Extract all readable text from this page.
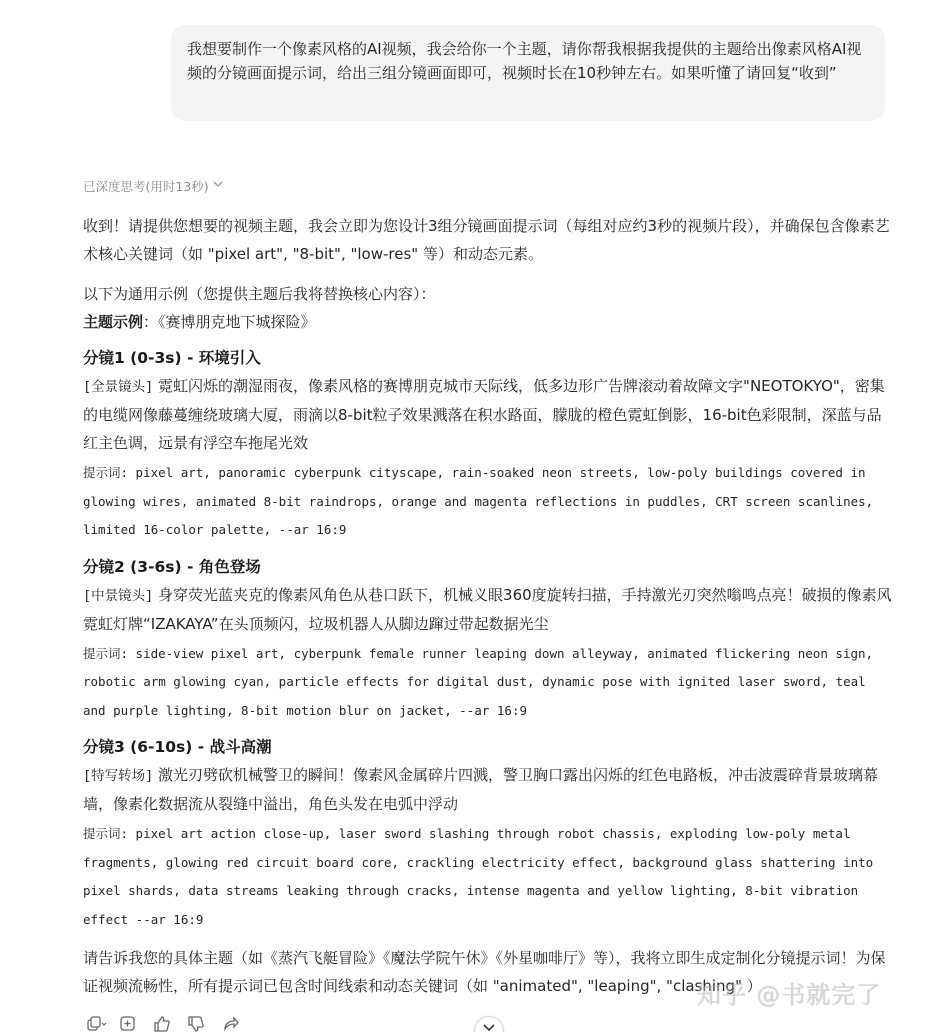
我想要制作一个像素风格的AI视频，我会给你一个主题，请你帮我根据我提供的主题给出像素风格AI视频的分镜画面提示词，给出三组分镜画面即可，视频时长在10秒钟左右。如果听懂了请回复“收到”

已深度思考(用时13秒)
收到！请提供您想要的视频主题，我会立即为您设计3组分镜画面提示词（每组对应约3秒的视频片段），并确保包含像素艺术核心关键词（如 "pixel art", "8-bit", "low-res" 等）和动态元素。
以下为通用示例（您提供主题后我将替换核心内容）：
主题示例：《赛博朋克地下城探险》
分镜1 (0-3s) - 环境引入
[全景镜头] 霓虹闪烁的潮湿雨夜，像素风格的赛博朋克城市天际线，低多边形广告牌滚动着故障文字"NEOTOKYO"，密集的电缆网像藤蔓缠绕玻璃大厦，雨滴以8-bit粒子效果溅落在积水路面，朦胧的橙色霓虹倒影，16-bit色彩限制，深蓝与品红主色调，远景有浮空车拖尾光效
提示词: pixel art, panoramic cyberpunk cityscape, rain-soaked neon streets, low-poly buildings covered in glowing wires, animated 8-bit raindrops, orange and magenta reflections in puddles, CRT screen scanlines, limited 16-color palette, --ar 16:9
分镜2 (3-6s) - 角色登场
[中景镜头] 身穿荧光蓝夹克的像素风角色从巷口跃下，机械义眼360度旋转扫描，手持激光刃突然嗡鸣点亮！破损的像素风霓虹灯牌“IZAKAYA”在头顶频闪，垃圾机器人从脚边蹿过带起数据光尘
提示词: side-view pixel art, cyberpunk female runner leaping down alleyway, animated flickering neon sign, robotic arm glowing cyan, particle effects for digital dust, dynamic pose with ignited laser sword, teal and purple lighting, 8-bit motion blur on jacket, --ar 16:9
分镜3 (6-10s) - 战斗高潮
[特写转场] 激光刃劈砍机械警卫的瞬间！像素风金属碎片四溅，警卫胸口露出闪烁的红色电路板，冲击波震碎背景玻璃幕墙，像素化数据流从裂缝中溢出，角色头发在电弧中浮动
提示词: pixel art action close-up, laser sword slashing through robot chassis, exploding low-poly metal fragments, glowing red circuit board core, crackling electricity effect, background glass shattering into pixel shards, data streams leaking through cracks, intense magenta and yellow lighting, 8-bit vibration effect --ar 16:9
请告诉我您的具体主题（如《蒸汽飞艇冒险》《魔法学院午休》《外星咖啡厅》等），我将立即生成定制化分镜提示词！为保证视频流畅性，所有提示词已包含时间线索和动态关键词（如 "animated", "leaping", "clashing" ）
知乎 @书就完了
